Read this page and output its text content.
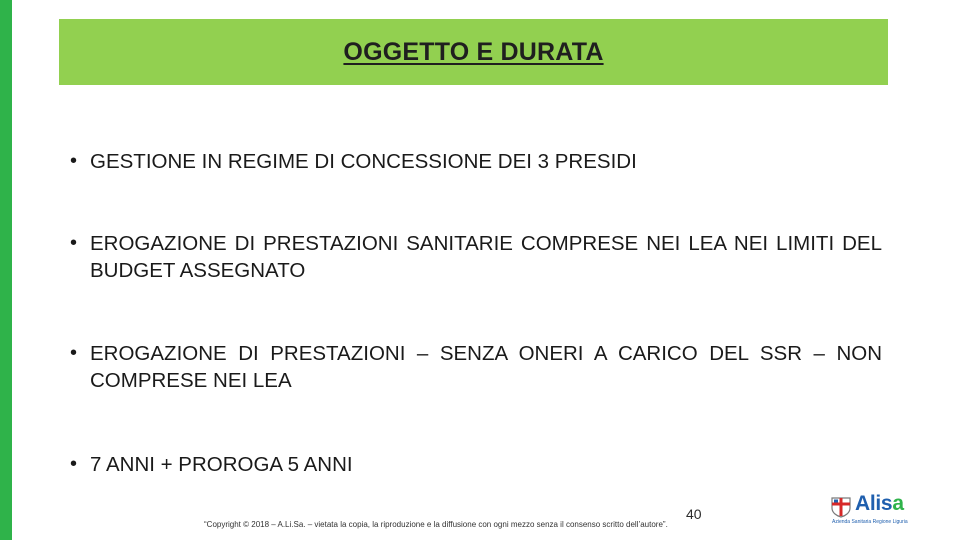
OGGETTO E DURATA
• GESTIONE IN REGIME DI CONCESSIONE DEI 3 PRESIDI
• EROGAZIONE DI PRESTAZIONI SANITARIE COMPRESE NEI LEA NEI LIMITI DEL BUDGET ASSEGNATO
• EROGAZIONE DI PRESTAZIONI – SENZA ONERI A CARICO DEL SSR – NON COMPRESE NEI LEA
• 7 ANNI + PROROGA 5 ANNI
40
“Copyright © 2018 – A.Li.Sa. – vietata la copia, la riproduzione e la diffusione con ogni mezzo senza il consenso scritto dell’autore”.
Alisa
Azienda Sanitaria Regione Liguria
